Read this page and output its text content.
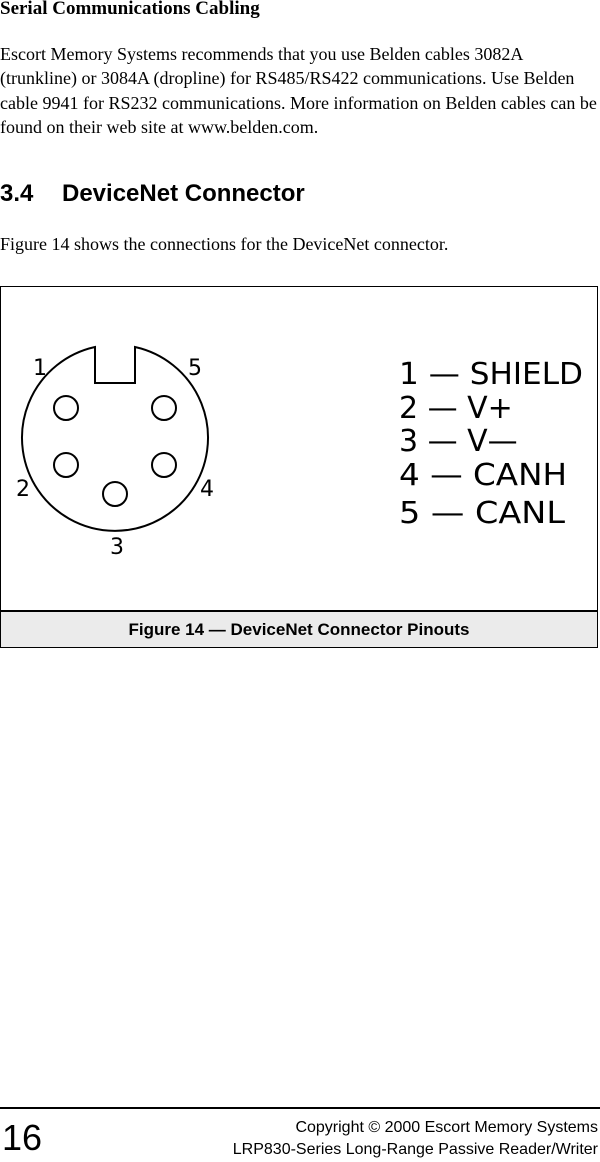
Serial Communications Cabling
Escort Memory Systems recommends that you use Belden cables 3082A (trunkline) or 3084A (dropline) for RS485/RS422 communications. Use Belden cable 9941 for RS232 communications. More information on Belden cables can be found on their web site at www.belden.com.
3.4 DeviceNet Connector
Figure 14 shows the connections for the DeviceNet connector.
1	5
2	4
3
1 — SHIELD
2 — V+
3 — V—
4 — CANH
5 — CANL
Figure 14 — DeviceNet Connector Pinouts
16	Copyright © 2000 Escort Memory Systems
LRP830-Series Long-Range Passive Reader/Writer
